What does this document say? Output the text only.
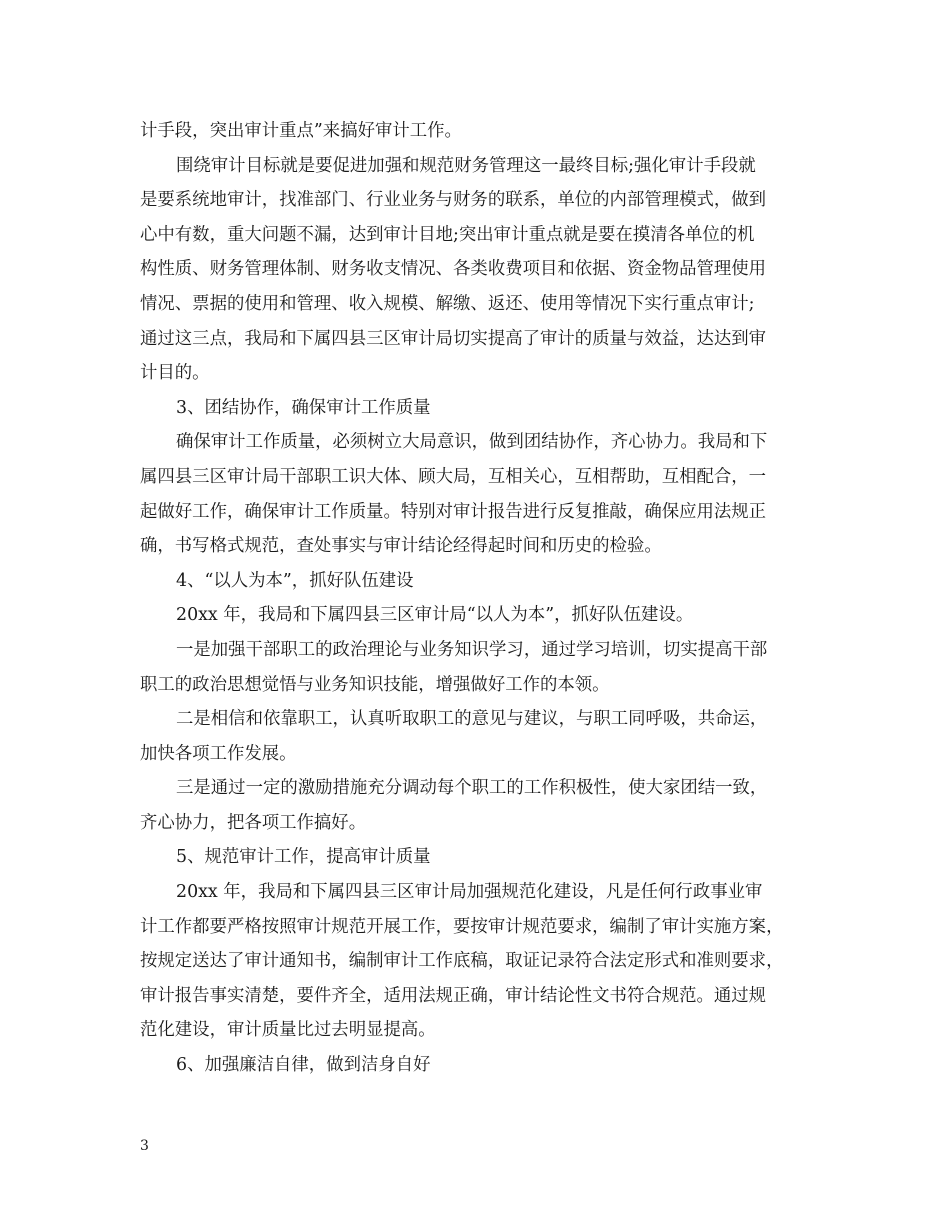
计手段，突出审计重点”来搞好审计工作。
围绕审计目标就是要促进加强和规范财务管理这一最终目标;强化审计手段就
是要系统地审计，找准部门、行业业务与财务的联系，单位的内部管理模式，做到
心中有数，重大问题不漏，达到审计目地;突出审计重点就是要在摸清各单位的机
构性质、财务管理体制、财务收支情况、各类收费项目和依据、资金物品管理使用
情况、票据的使用和管理、收入规模、解缴、返还、使用等情况下实行重点审计;
通过这三点，我局和下属四县三区审计局切实提高了审计的质量与效益，达达到审
计目的。
3、团结协作，确保审计工作质量
确保审计工作质量，必须树立大局意识，做到团结协作，齐心协力。我局和下
属四县三区审计局干部职工识大体、顾大局，互相关心，互相帮助，互相配合，一
起做好工作，确保审计工作质量。特别对审计报告进行反复推敲，确保应用法规正
确，书写格式规范，查处事实与审计结论经得起时间和历史的检验。
4、“以人为本”，抓好队伍建设
20xx 年，我局和下属四县三区审计局“以人为本”，抓好队伍建设。
一是加强干部职工的政治理论与业务知识学习，通过学习培训，切实提高干部
职工的政治思想觉悟与业务知识技能，增强做好工作的本领。
二是相信和依靠职工，认真听取职工的意见与建议，与职工同呼吸，共命运，
加快各项工作发展。
三是通过一定的激励措施充分调动每个职工的工作积极性，使大家团结一致，
齐心协力，把各项工作搞好。
5、规范审计工作，提高审计质量
20xx 年，我局和下属四县三区审计局加强规范化建设，凡是任何行政事业审
计工作都要严格按照审计规范开展工作，要按审计规范要求，编制了审计实施方案，
按规定送达了审计通知书，编制审计工作底稿，取证记录符合法定形式和准则要求，
审计报告事实清楚，要件齐全，适用法规正确，审计结论性文书符合规范。通过规
范化建设，审计质量比过去明显提高。
6、加强廉洁自律，做到洁身自好
3
